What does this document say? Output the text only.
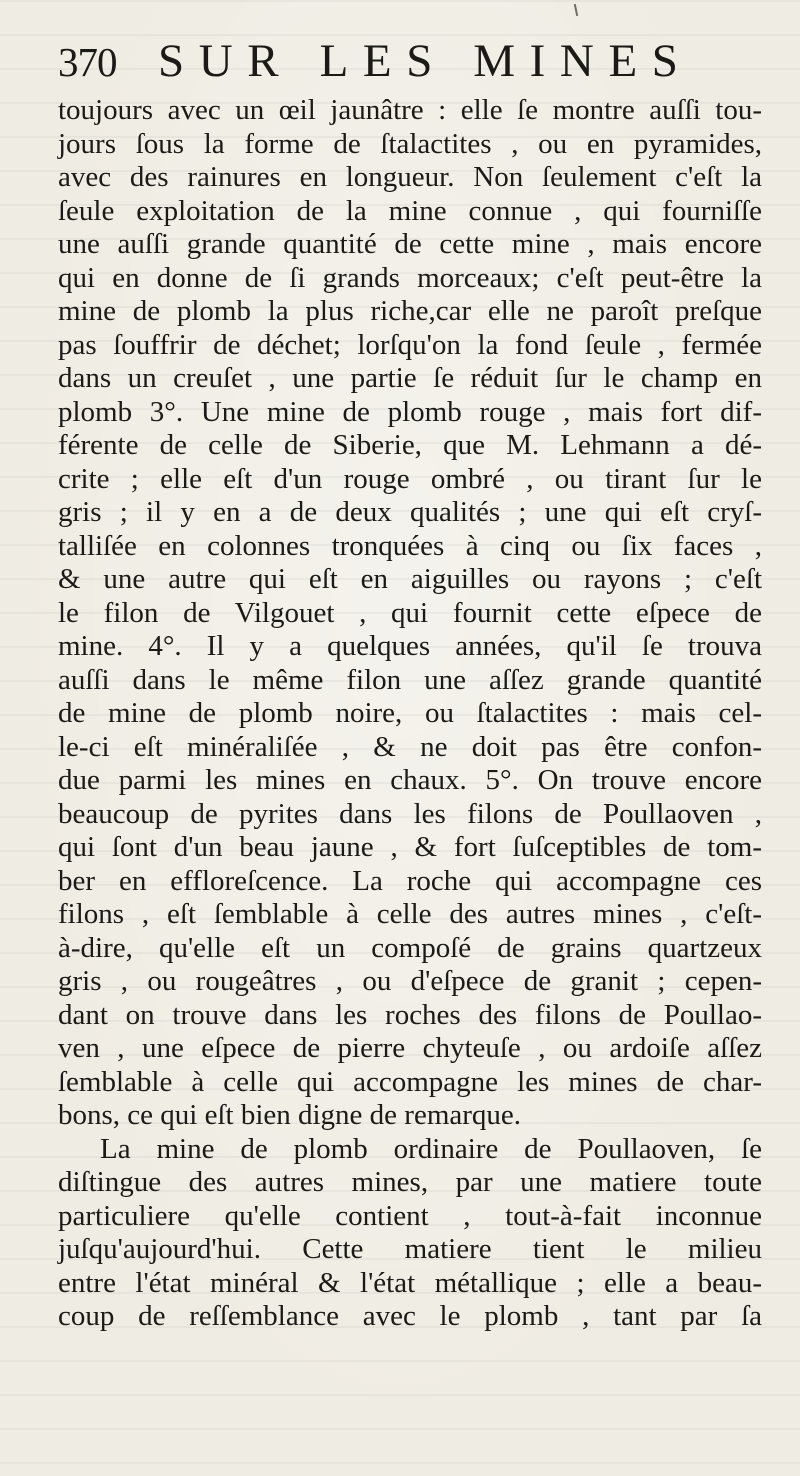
370 SUR LES MINES
toujours avec un œil jaunâtre : elle ſe montre auſſi tou-
jours ſous la forme de ſtalactites , ou en pyramides,
avec des rainures en longueur. Non ſeulement c'eſt la
ſeule exploitation de la mine connue , qui fourniſſe
une auſſi grande quantité de cette mine , mais encore
qui en donne de ſi grands morceaux; c'eſt peut-être la
mine de plomb la plus riche,car elle ne paroît preſque
pas ſouffrir de déchet; lorſqu'on la fond ſeule , fermée
dans un creuſet , une partie ſe réduit ſur le champ en
plomb 3°. Une mine de plomb rouge , mais fort dif-
férente de celle de Siberie, que M. Lehmann a dé-
crite ; elle eſt d'un rouge ombré , ou tirant ſur le
gris ; il y en a de deux qualités ; une qui eſt cryſ-
talliſée en colonnes tronquées à cinq ou ſix faces ,
& une autre qui eſt en aiguilles ou rayons ; c'eſt
le filon de Vilgouet , qui fournit cette eſpece de
mine. 4°. Il y a quelques années, qu'il ſe trouva
auſſi dans le même filon une aſſez grande quantité
de mine de plomb noire, ou ſtalactites : mais cel-
le-ci eſt minéraliſée , & ne doit pas être confon-
due parmi les mines en chaux. 5°. On trouve encore
beaucoup de pyrites dans les filons de Poullaoven ,
qui ſont d'un beau jaune , & fort ſuſceptibles de tom-
ber en effloreſcence. La roche qui accompagne ces
filons , eſt ſemblable à celle des autres mines , c'eſt-
à-dire, qu'elle eſt un compoſé de grains quartzeux
gris , ou rougeâtres , ou d'eſpece de granit ; cepen-
dant on trouve dans les roches des filons de Poullao-
ven , une eſpece de pierre chyteuſe , ou ardoiſe aſſez
ſemblable à celle qui accompagne les mines de char-
bons, ce qui eſt bien digne de remarque.
La mine de plomb ordinaire de Poullaoven, ſe
diſtingue des autres mines, par une matiere toute
particuliere qu'elle contient , tout-à-fait inconnue
juſqu'aujourd'hui. Cette matiere tient le milieu
entre l'état minéral & l'état métallique ; elle a beau-
coup de reſſemblance avec le plomb , tant par ſa
